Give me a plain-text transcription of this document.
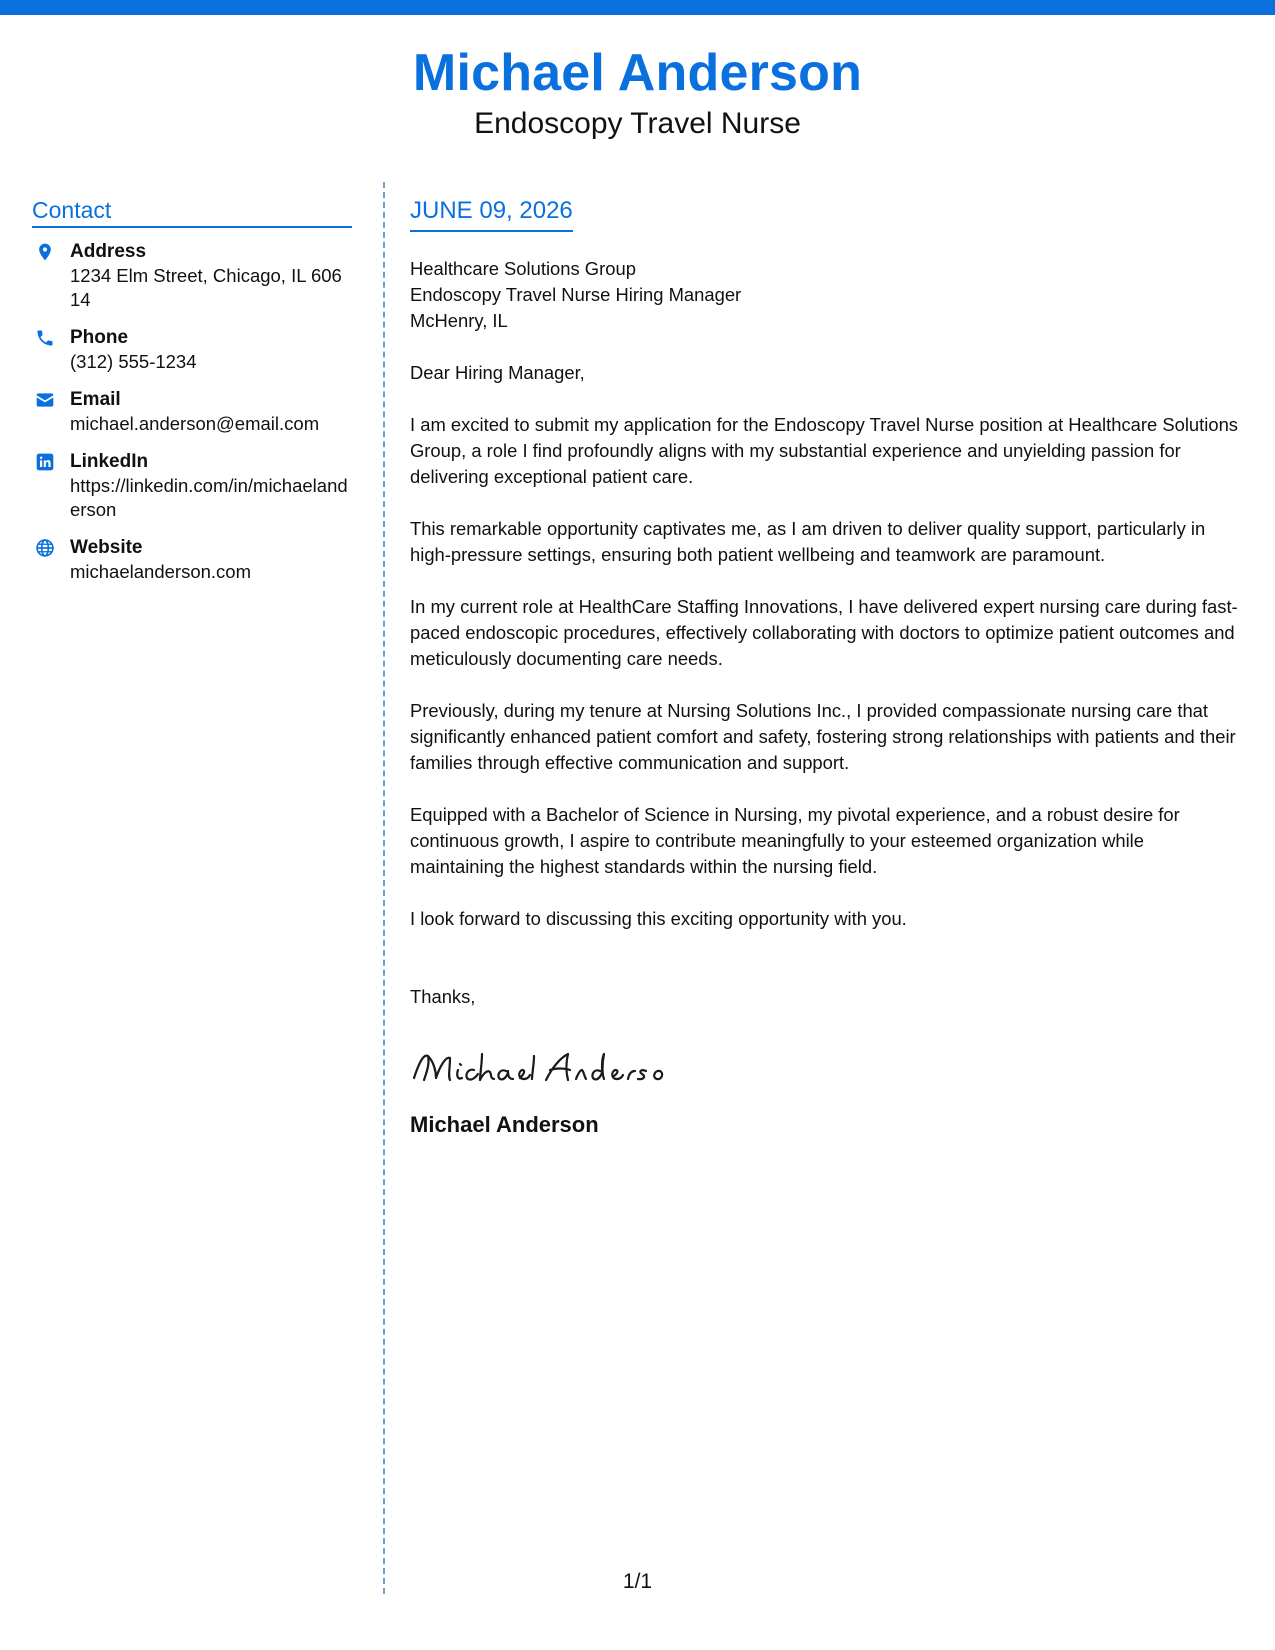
Michael Anderson
Endoscopy Travel Nurse
Contact
Address
1234 Elm Street, Chicago, IL 60614
Phone
(312) 555-1234
Email
michael.anderson@email.com
LinkedIn
https://linkedin.com/in/michaelanderson
Website
michaelanderson.com
JUNE 09, 2026
Healthcare Solutions Group
Endoscopy Travel Nurse Hiring Manager
McHenry, IL
Dear Hiring Manager,
I am excited to submit my application for the Endoscopy Travel Nurse position at Healthcare Solutions Group, a role I find profoundly aligns with my substantial experience and unyielding passion for delivering exceptional patient care.
This remarkable opportunity captivates me, as I am driven to deliver quality support, particularly in high-pressure settings, ensuring both patient wellbeing and teamwork are paramount.
In my current role at HealthCare Staffing Innovations, I have delivered expert nursing care during fast-paced endoscopic procedures, effectively collaborating with doctors to optimize patient outcomes and meticulously documenting care needs.
Previously, during my tenure at Nursing Solutions Inc., I provided compassionate nursing care that significantly enhanced patient comfort and safety, fostering strong relationships with patients and their families through effective communication and support.
Equipped with a Bachelor of Science in Nursing, my pivotal experience, and a robust desire for continuous growth, I aspire to contribute meaningfully to your esteemed organization while maintaining the highest standards within the nursing field.
I look forward to discussing this exciting opportunity with you.
Thanks,
Michael Anderson
1/1
